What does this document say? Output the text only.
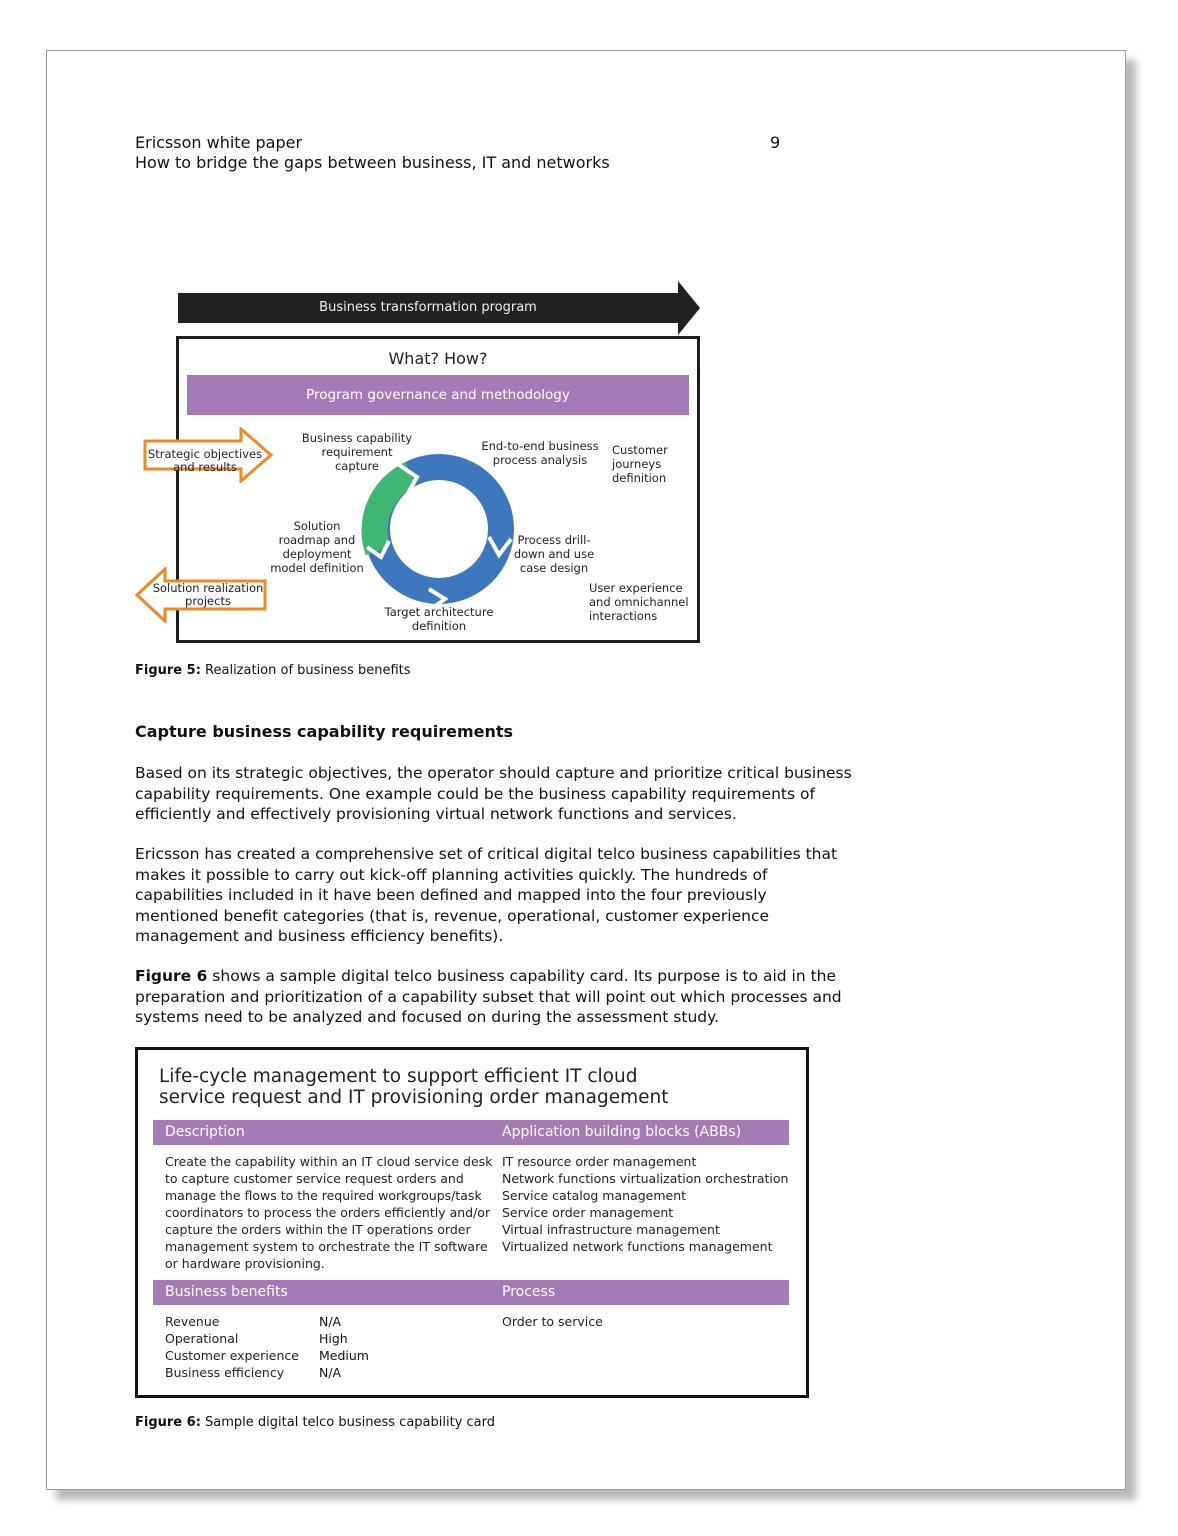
Ericsson white paper
How to bridge the gaps between business, IT and networks
9
Business transformation program
What? How?
Program governance and methodology
Business capability
requirement
capture
End-to-end business
process analysis
Customer
journeys
definition
Process drill-
down and use
case design
User experience
and omnichannel
interactions
Target architecture
definition
Solution
roadmap and
deployment
model definition
Strategic objectives
and results
Solution realization
projects
Figure 5: Realization of business benefits
Capture business capability requirements

Based on its strategic objectives, the operator should capture and prioritize critical business capability requirements. One example could be the business capability requirements of efficiently and effectively provisioning virtual network functions and services.

Ericsson has created a comprehensive set of critical digital telco business capabilities that makes it possible to carry out kick-off planning activities quickly. The hundreds of capabilities included in it have been defined and mapped into the four previously mentioned benefit categories (that is, revenue, operational, customer experience management and business efficiency benefits).

Figure 6 shows a sample digital telco business capability card. Its purpose is to aid in the preparation and prioritization of a capability subset that will point out which processes and systems need to be analyzed and focused on during the assessment study.

Life-cycle management to support efficient IT cloud
service request and IT provisioning order management
Description	Application building blocks (ABBs)
Create the capability within an IT cloud service desk
to capture customer service request orders and
manage the flows to the required workgroups/task
coordinators to process the orders efficiently and/or
capture the orders within the IT operations order
management system to orchestrate the IT software
or hardware provisioning.
IT resource order management
Network functions virtualization orchestration
Service catalog management
Service order management
Virtual infrastructure management
Virtualized network functions management
Business benefits	Process
Revenue
Operational
Customer experience
Business efficiency
N/A
High
Medium
N/A
Order to service
Figure 6: Sample digital telco business capability card
